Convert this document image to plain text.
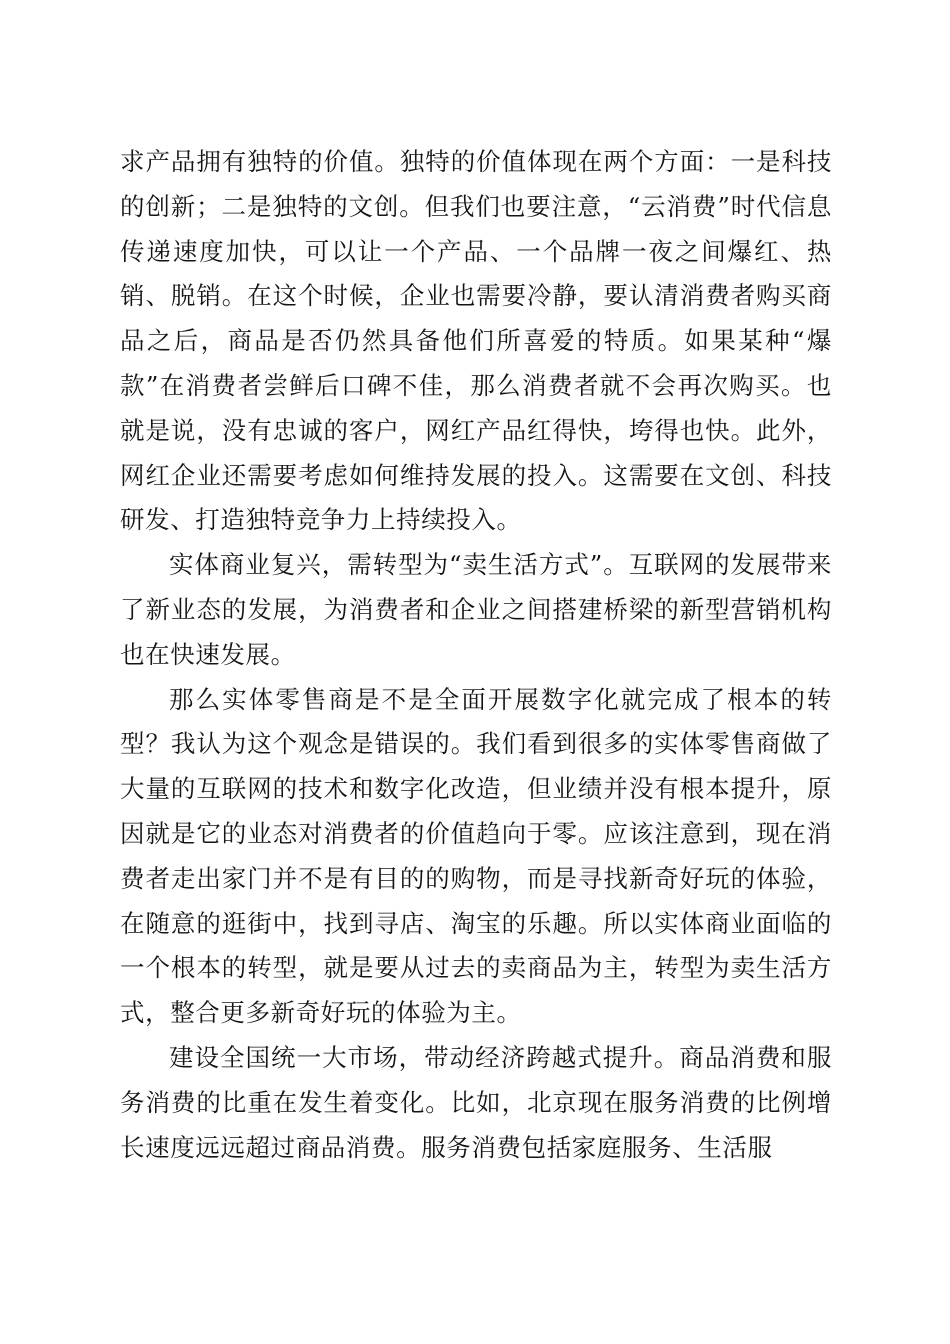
求产品拥有独特的价值。独特的价值体现在两个方面：一是科技的创新；二是独特的文创。但我们也要注意，“云消费”时代信息传递速度加快，可以让一个产品、一个品牌一夜之间爆红、热销、脱销。在这个时候，企业也需要冷静，要认清消费者购买商品之后，商品是否仍然具备他们所喜爱的特质。如果某种“爆款”在消费者尝鲜后口碑不佳，那么消费者就不会再次购买。也就是说，没有忠诚的客户，网红产品红得快，垮得也快。此外，网红企业还需要考虑如何维持发展的投入。这需要在文创、科技研发、打造独特竞争力上持续投入。

实体商业复兴，需转型为“卖生活方式”。互联网的发展带来了新业态的发展，为消费者和企业之间搭建桥梁的新型营销机构也在快速发展。

那么实体零售商是不是全面开展数字化就完成了根本的转型？我认为这个观念是错误的。我们看到很多的实体零售商做了大量的互联网的技术和数字化改造，但业绩并没有根本提升，原因就是它的业态对消费者的价值趋向于零。应该注意到，现在消费者走出家门并不是有目的的购物，而是寻找新奇好玩的体验，在随意的逛街中，找到寻店、淘宝的乐趣。所以实体商业面临的一个根本的转型，就是要从过去的卖商品为主，转型为卖生活方式，整合更多新奇好玩的体验为主。

建设全国统一大市场，带动经济跨越式提升。商品消费和服务消费的比重在发生着变化。比如，北京现在服务消费的比例增长速度远远超过商品消费。服务消费包括家庭服务、生活服
